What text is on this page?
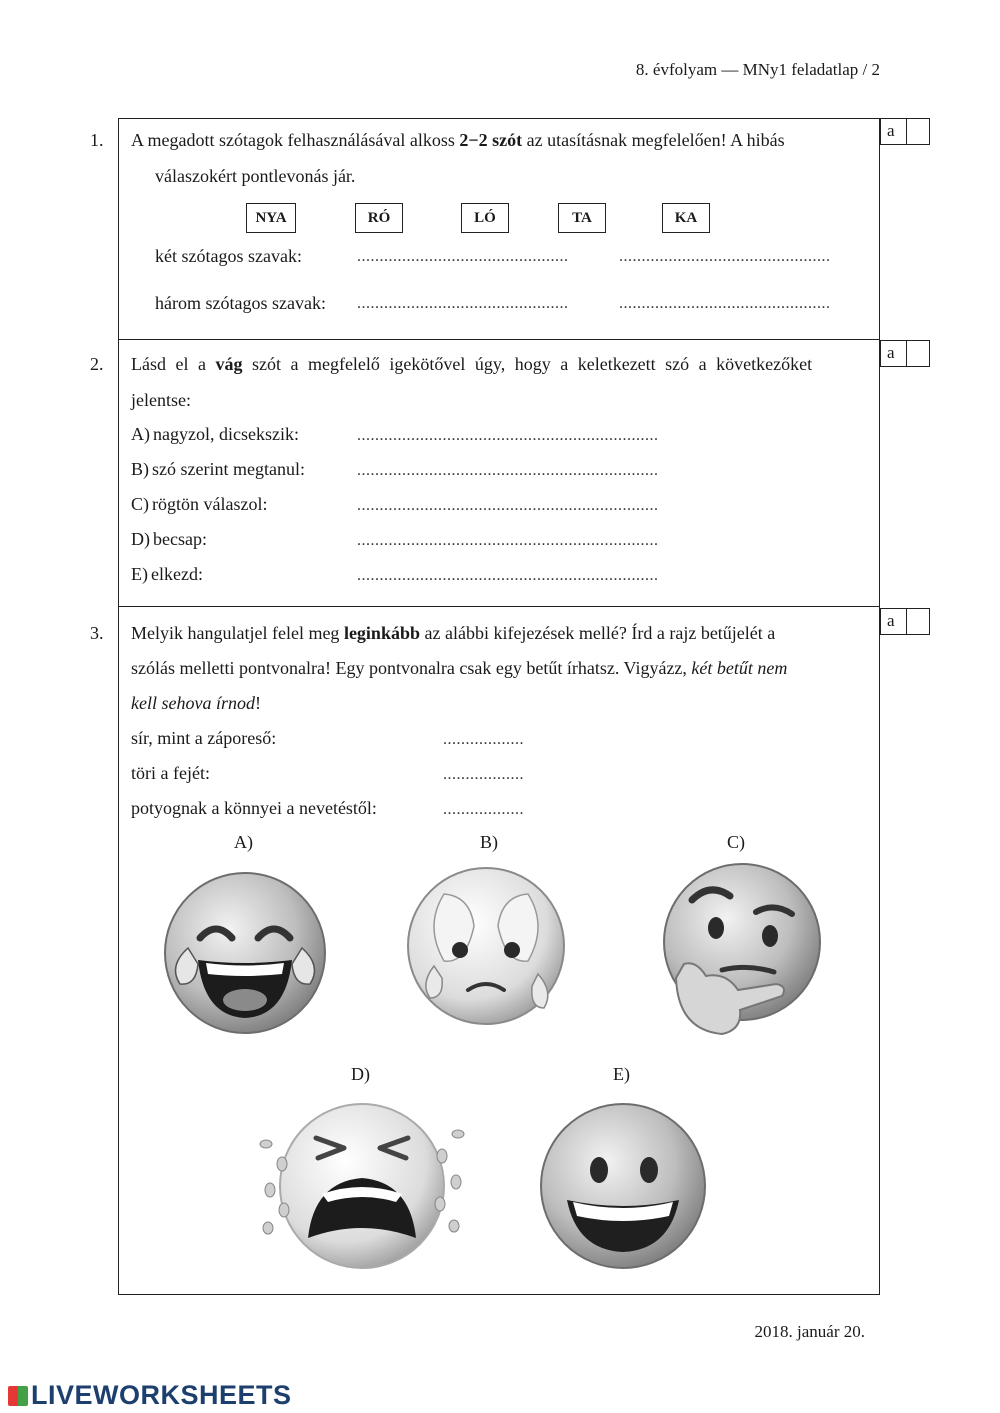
8. évfolyam — MNy1 feladatlap / 2
1.	a
A megadott szótagok felhasználásával alkoss 2−2 szót az utasításnak megfelelően! A hibás
válaszokért pontlevonás jár.
NYA	RÓ	LÓ	TA	KA
két szótagos szavak:	...............................................	...............................................
három szótagos szavak: ...............................................	...............................................
2.
a
Lásd el a vág szót a megfelelő igekötővel úgy, hogy a keletkezett szó a következőket
jelentse:
A) nagyzol, dicsekszik:	...................................................................
B) szó szerint megtanul:	...................................................................
C) rögtön válaszol:	...................................................................
D) becsap:	...................................................................
E) elkezd:	...................................................................
3.
a
Melyik hangulatjel felel meg leginkább az alábbi kifejezések mellé? Írd a rajz betűjelét a
szólás melletti pontvonalra! Egy pontvonalra csak egy betűt írhatsz. Vigyázz, két betűt nem
kell sehova írnod!
sír, mint a záporeső:	..................
töri a fejét:	..................
potyognak a könnyei a nevetéstől:	..................
A)	B)	C)
D)	E)
2018. január 20.
LIVEWORKSHEETS
